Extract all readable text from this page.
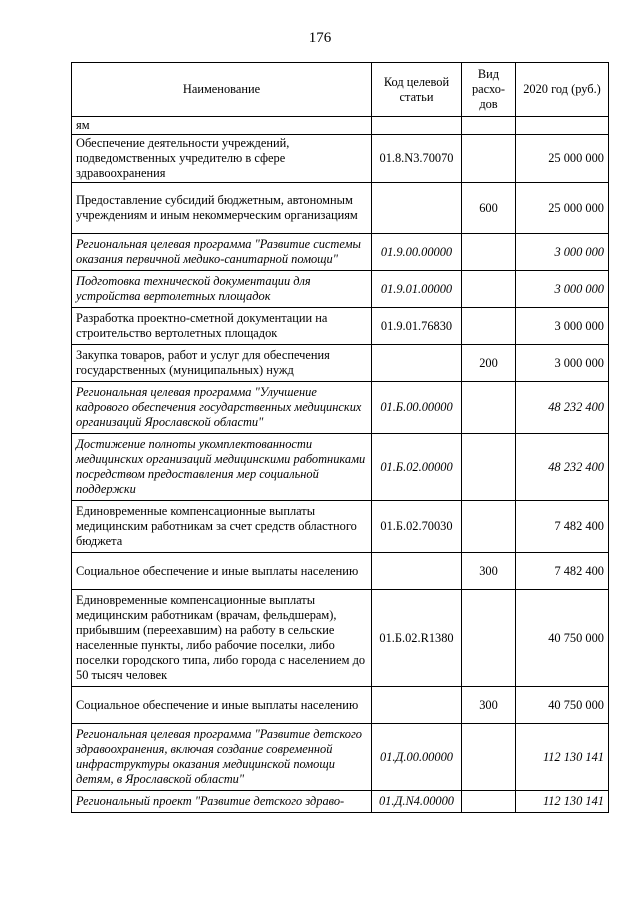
176
Наименование	Код целевой статьи	Вид расхо-дов	2020 год (руб.)
ям			
Обеспечение деятельности учреждений, подведомственных учредителю в сфере здравоохранения	01.8.N3.70070		25 000 000
Предоставление субсидий бюджетным, автономным учреждениям и иным некоммерческим организациям		600	25 000 000
Региональная целевая программа "Развитие системы оказания первичной медико-санитарной помощи"	01.9.00.00000		3 000 000
Подготовка технической документации для устройства вертолетных площадок	01.9.01.00000		3 000 000
Разработка проектно-сметной документации на строительство вертолетных площадок	01.9.01.76830		3 000 000
Закупка товаров, работ и услуг для обеспечения государственных (муниципальных) нужд		200	3 000 000
Региональная целевая программа "Улучшение кадрового обеспечения государственных медицинских организаций Ярославской области"	01.Б.00.00000		48 232 400
Достижение полноты укомплектованности медицинских организаций медицинскими работниками посредством предоставления мер социальной поддержки	01.Б.02.00000		48 232 400
Единовременные компенсационные выплаты медицинским работникам за счет средств областного бюджета	01.Б.02.70030		7 482 400
Социальное обеспечение и иные выплаты населению		300	7 482 400
Единовременные компенсационные выплаты медицинским работникам (врачам, фельдшерам), прибывшим (переехавшим) на работу в сельские населенные пункты, либо рабочие поселки, либо поселки городского типа, либо города с населением до 50 тысяч человек	01.Б.02.R1380		40 750 000
Социальное обеспечение и иные выплаты населению		300	40 750 000
Региональная целевая программа "Развитие детского здравоохранения, включая создание современной инфраструктуры оказания медицинской помощи детям, в Ярославской области"	01.Д.00.00000		112 130 141
Региональный проект "Развитие детского здраво-	01.Д.N4.00000		112 130 141
